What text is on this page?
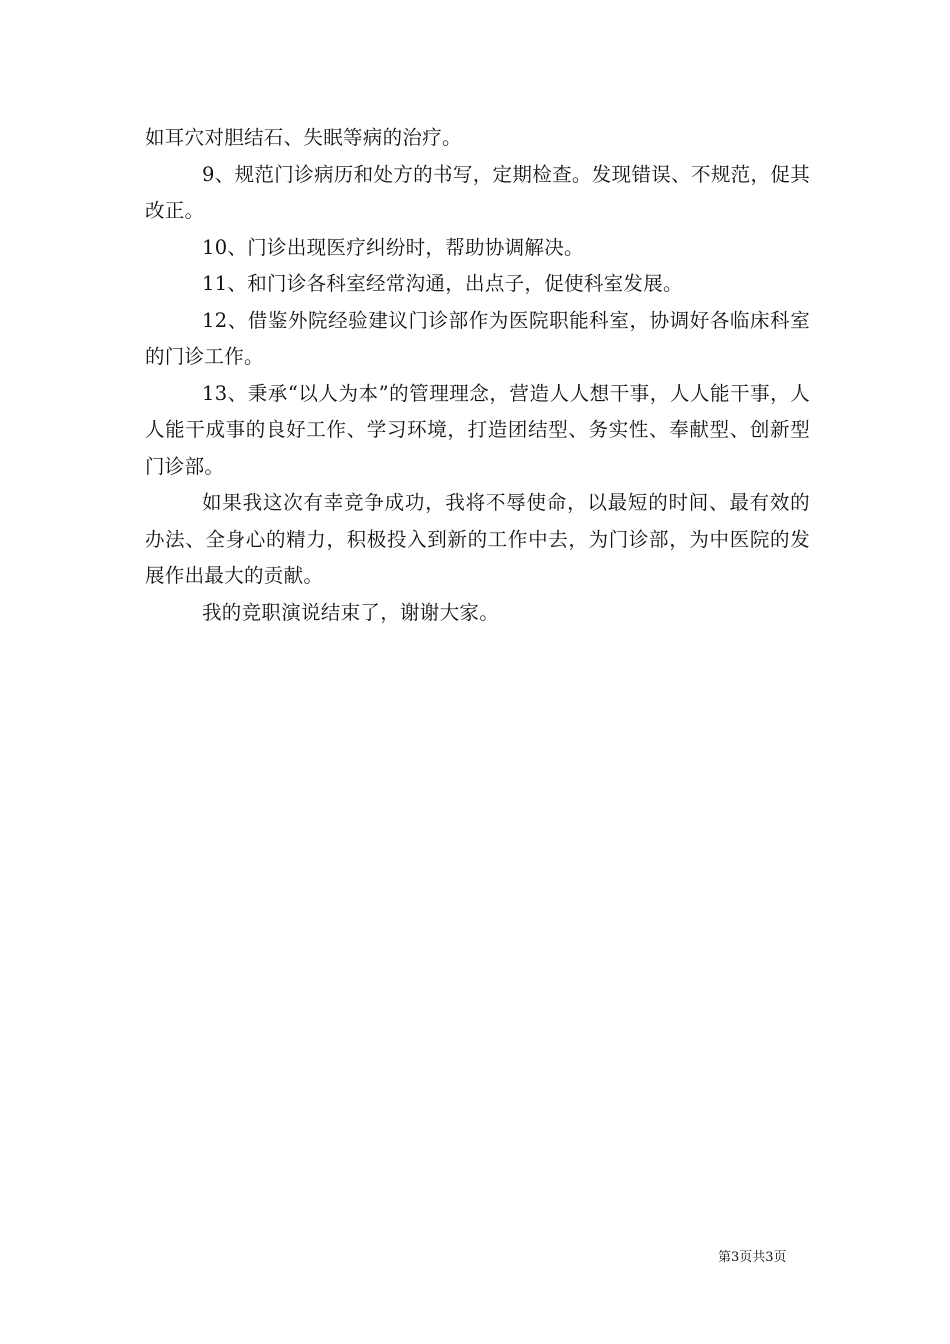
如耳穴对胆结石、失眠等病的治疗。

9、规范门诊病历和处方的书写，定期检查。发现错误、不规范，促其改正。

10、门诊出现医疗纠纷时，帮助协调解决。

11、和门诊各科室经常沟通，出点子，促使科室发展。

12、借鉴外院经验建议门诊部作为医院职能科室，协调好各临床科室的门诊工作。

13、秉承“以人为本”的管理理念，营造人人想干事，人人能干事，人人能干成事的良好工作、学习环境，打造团结型、务实性、奉献型、创新型门诊部。

如果我这次有幸竞争成功，我将不辱使命，以最短的时间、最有效的办法、全身心的精力，积极投入到新的工作中去，为门诊部，为中医院的发展作出最大的贡献。

我的竞职演说结束了，谢谢大家。

第3页共3页
